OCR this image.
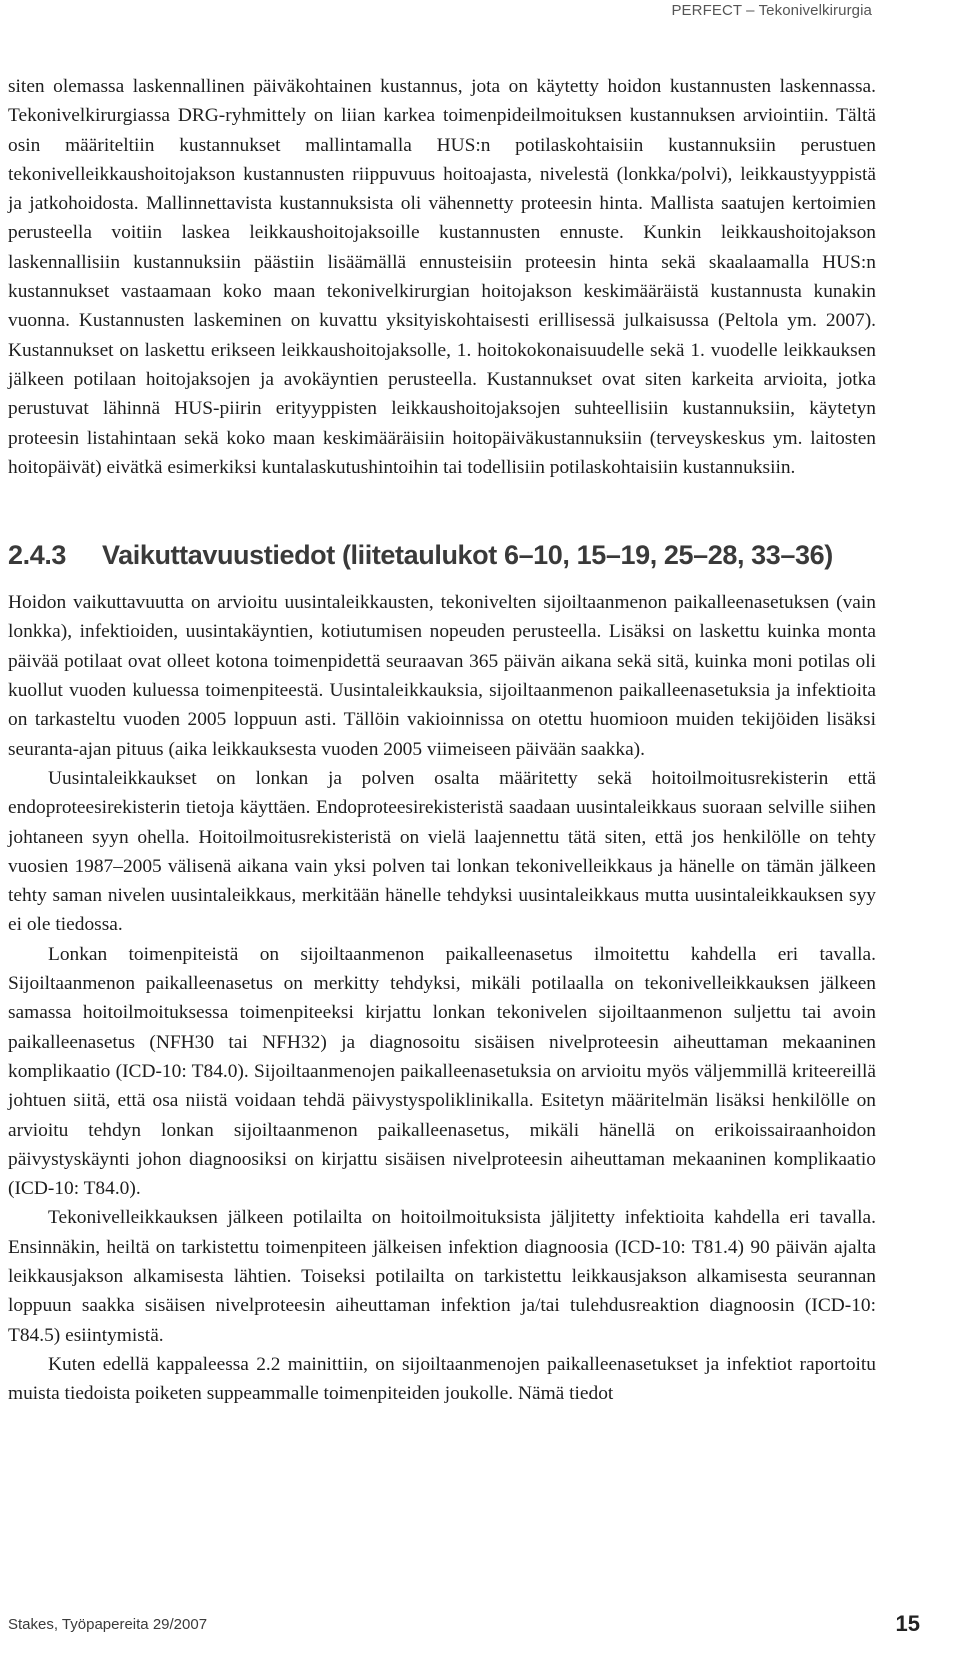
PERFECT – Tekonivelkirurgia

siten olemassa laskennallinen päiväkohtainen kustannus, jota on käytetty hoidon kustannusten laskennassa. Tekonivelkirurgiassa DRG-ryhmittely on liian karkea toimenpideilmoituksen kustannuksen arviointiin. Tältä osin määriteltiin kustannukset mallintamalla HUS:n potilaskohtaisiin kustannuksiin perustuen tekonivelleikkaushoitojakson kustannusten riippuvuus hoitoajasta, nivelestä (lonkka/polvi), leikkaustyyppistä ja jatkohoidosta. Mallinnettavista kustannuksista oli vähennetty proteesin hinta. Mallista saatujen kertoimien perusteella voitiin laskea leikkaushoitojaksoille kustannusten ennuste. Kunkin leikkaushoitojakson laskennallisiin kustannuksiin päästiin lisäämällä ennusteisiin proteesin hinta sekä skaalaamalla HUS:n kustannukset vastaamaan koko maan tekonivelkirurgian hoitojakson keskimääräistä kustannusta kunakin vuonna. Kustannusten laskeminen on kuvattu yksityiskohtaisesti erillisessä julkaisussa (Peltola ym. 2007). Kustannukset on laskettu erikseen leikkaushoitojaksolle, 1. hoitokokonaisuudelle sekä 1. vuodelle leikkauksen jälkeen potilaan hoitojaksojen ja avokäyntien perusteella. Kustannukset ovat siten karkeita arvioita, jotka perustuvat lähinnä HUS-piirin erityyppisten leikkaushoitojaksojen suhteellisiin kustannuksiin, käytetyn proteesin listahintaan sekä koko maan keskimääräisiin hoitopäiväkustannuksiin (terveyskeskus ym. laitosten hoitopäivät) eivätkä esimerkiksi kuntalaskutushintoihin tai todellisiin potilaskohtaisiin kustannuksiin.

2.4.3 Vaikuttavuustiedot (liitetaulukot 6–10, 15–19, 25–28, 33–36)

Hoidon vaikuttavuutta on arvioitu uusintaleikkausten, tekonivelten sijoiltaanmenon paikalleenasetuksen (vain lonkka), infektioiden, uusintakäyntien, kotiutumisen nopeuden perusteella. Lisäksi on laskettu kuinka monta päivää potilaat ovat olleet kotona toimenpidettä seuraavan 365 päivän aikana sekä sitä, kuinka moni potilas oli kuollut vuoden kuluessa toimenpiteestä. Uusintaleikkauksia, sijoiltaanmenon paikalleenasetuksia ja infektioita on tarkasteltu vuoden 2005 loppuun asti. Tällöin vakioinnissa on otettu huomioon muiden tekijöiden lisäksi seuranta-ajan pituus (aika leikkauksesta vuoden 2005 viimeiseen päivään saakka).

Uusintaleikkaukset on lonkan ja polven osalta määritetty sekä hoitoilmoitusrekisterin että endoproteesirekisterin tietoja käyttäen. Endoproteesirekisteristä saadaan uusintaleikkaus suoraan selville siihen johtaneen syyn ohella. Hoitoilmoitusrekisteristä on vielä laajennettu tätä siten, että jos henkilölle on tehty vuosien 1987–2005 välisenä aikana vain yksi polven tai lonkan tekonivelleikkaus ja hänelle on tämän jälkeen tehty saman nivelen uusintaleikkaus, merkitään hänelle tehdyksi uusintaleikkaus mutta uusintaleikkauksen syy ei ole tiedossa.

Lonkan toimenpiteistä on sijoiltaanmenon paikalleenasetus ilmoitettu kahdella eri tavalla. Sijoiltaanmenon paikalleenasetus on merkitty tehdyksi, mikäli potilaalla on tekonivelleikkauksen jälkeen samassa hoitoilmoituksessa toimenpiteeksi kirjattu lonkan tekonivelen sijoiltaanmenon suljettu tai avoin paikalleenasetus (NFH30 tai NFH32) ja diagnosoitu sisäisen nivelproteesin aiheuttaman mekaaninen komplikaatio (ICD-10: T84.0). Sijoiltaanmenojen paikalleenasetuksia on arvioitu myös väljemmillä kriteereillä johtuen siitä, että osa niistä voidaan tehdä päivystyspoliklinikalla. Esitetyn määritelmän lisäksi henkilölle on arvioitu tehdyn lonkan sijoiltaanmenon paikalleenasetus, mikäli hänellä on erikoissairaanhoidon päivystyskäynti johon diagnoosiksi on kirjattu sisäisen nivelproteesin aiheuttaman mekaaninen komplikaatio (ICD-10: T84.0).

Tekonivelleikkauksen jälkeen potilailta on hoitoilmoituksista jäljitetty infektioita kahdella eri tavalla. Ensinnäkin, heiltä on tarkistettu toimenpiteen jälkeisen infektion diagnoosia (ICD-10: T81.4) 90 päivän ajalta leikkausjakson alkamisesta lähtien. Toiseksi potilailta on tarkistettu leikkausjakson alkamisesta seurannan loppuun saakka sisäisen nivelproteesin aiheuttaman infektion ja/tai tulehdusreaktion diagnoosin (ICD-10: T84.5) esiintymistä.

Kuten edellä kappaleessa 2.2 mainittiin, on sijoiltaanmenojen paikalleenasetukset ja infektiot raportoitu muista tiedoista poiketen suppeammalle toimenpiteiden joukolle. Nämä tiedot

Stakes, Työpapereita 29/2007	15
